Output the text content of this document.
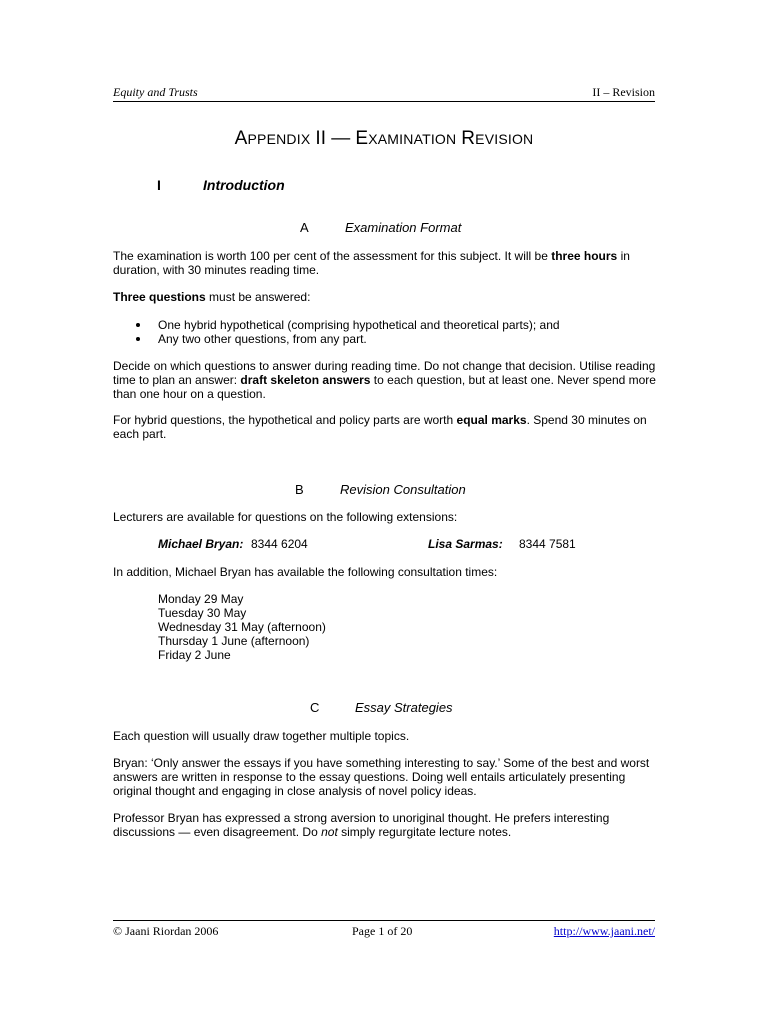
Equity and Trusts	II – Revision
APPENDIX II — EXAMINATION REVISION
I	Introduction
A	Examination Format

The examination is worth 100 per cent of the assessment for this subject. It will be three hours in duration, with 30 minutes reading time.

Three questions must be answered:

One hybrid hypothetical (comprising hypothetical and theoretical parts); and
Any two other questions, from any part.

Decide on which questions to answer during reading time. Do not change that decision. Utilise reading time to plan an answer: draft skeleton answers to each question, but at least one. Never spend more than one hour on a question.

For hybrid questions, the hypothetical and policy parts are worth equal marks. Spend 30 minutes on each part.

B	Revision Consultation

Lecturers are available for questions on the following extensions:

Michael Bryan: 8344 6204	Lisa Sarmas: 8344 7581

In addition, Michael Bryan has available the following consultation times:

Monday 29 May
Tuesday 30 May
Wednesday 31 May (afternoon)
Thursday 1 June (afternoon)
Friday 2 June
C	Essay Strategies

Each question will usually draw together multiple topics.

Bryan: ‘Only answer the essays if you have something interesting to say.’ Some of the best and worst answers are written in response to the essay questions. Doing well entails articulately presenting original thought and engaging in close analysis of novel policy ideas.

Professor Bryan has expressed a strong aversion to unoriginal thought. He prefers interesting discussions — even disagreement. Do not simply regurgitate lecture notes.

© Jaani Riordan 2006	Page 1 of 20	http://www.jaani.net/
